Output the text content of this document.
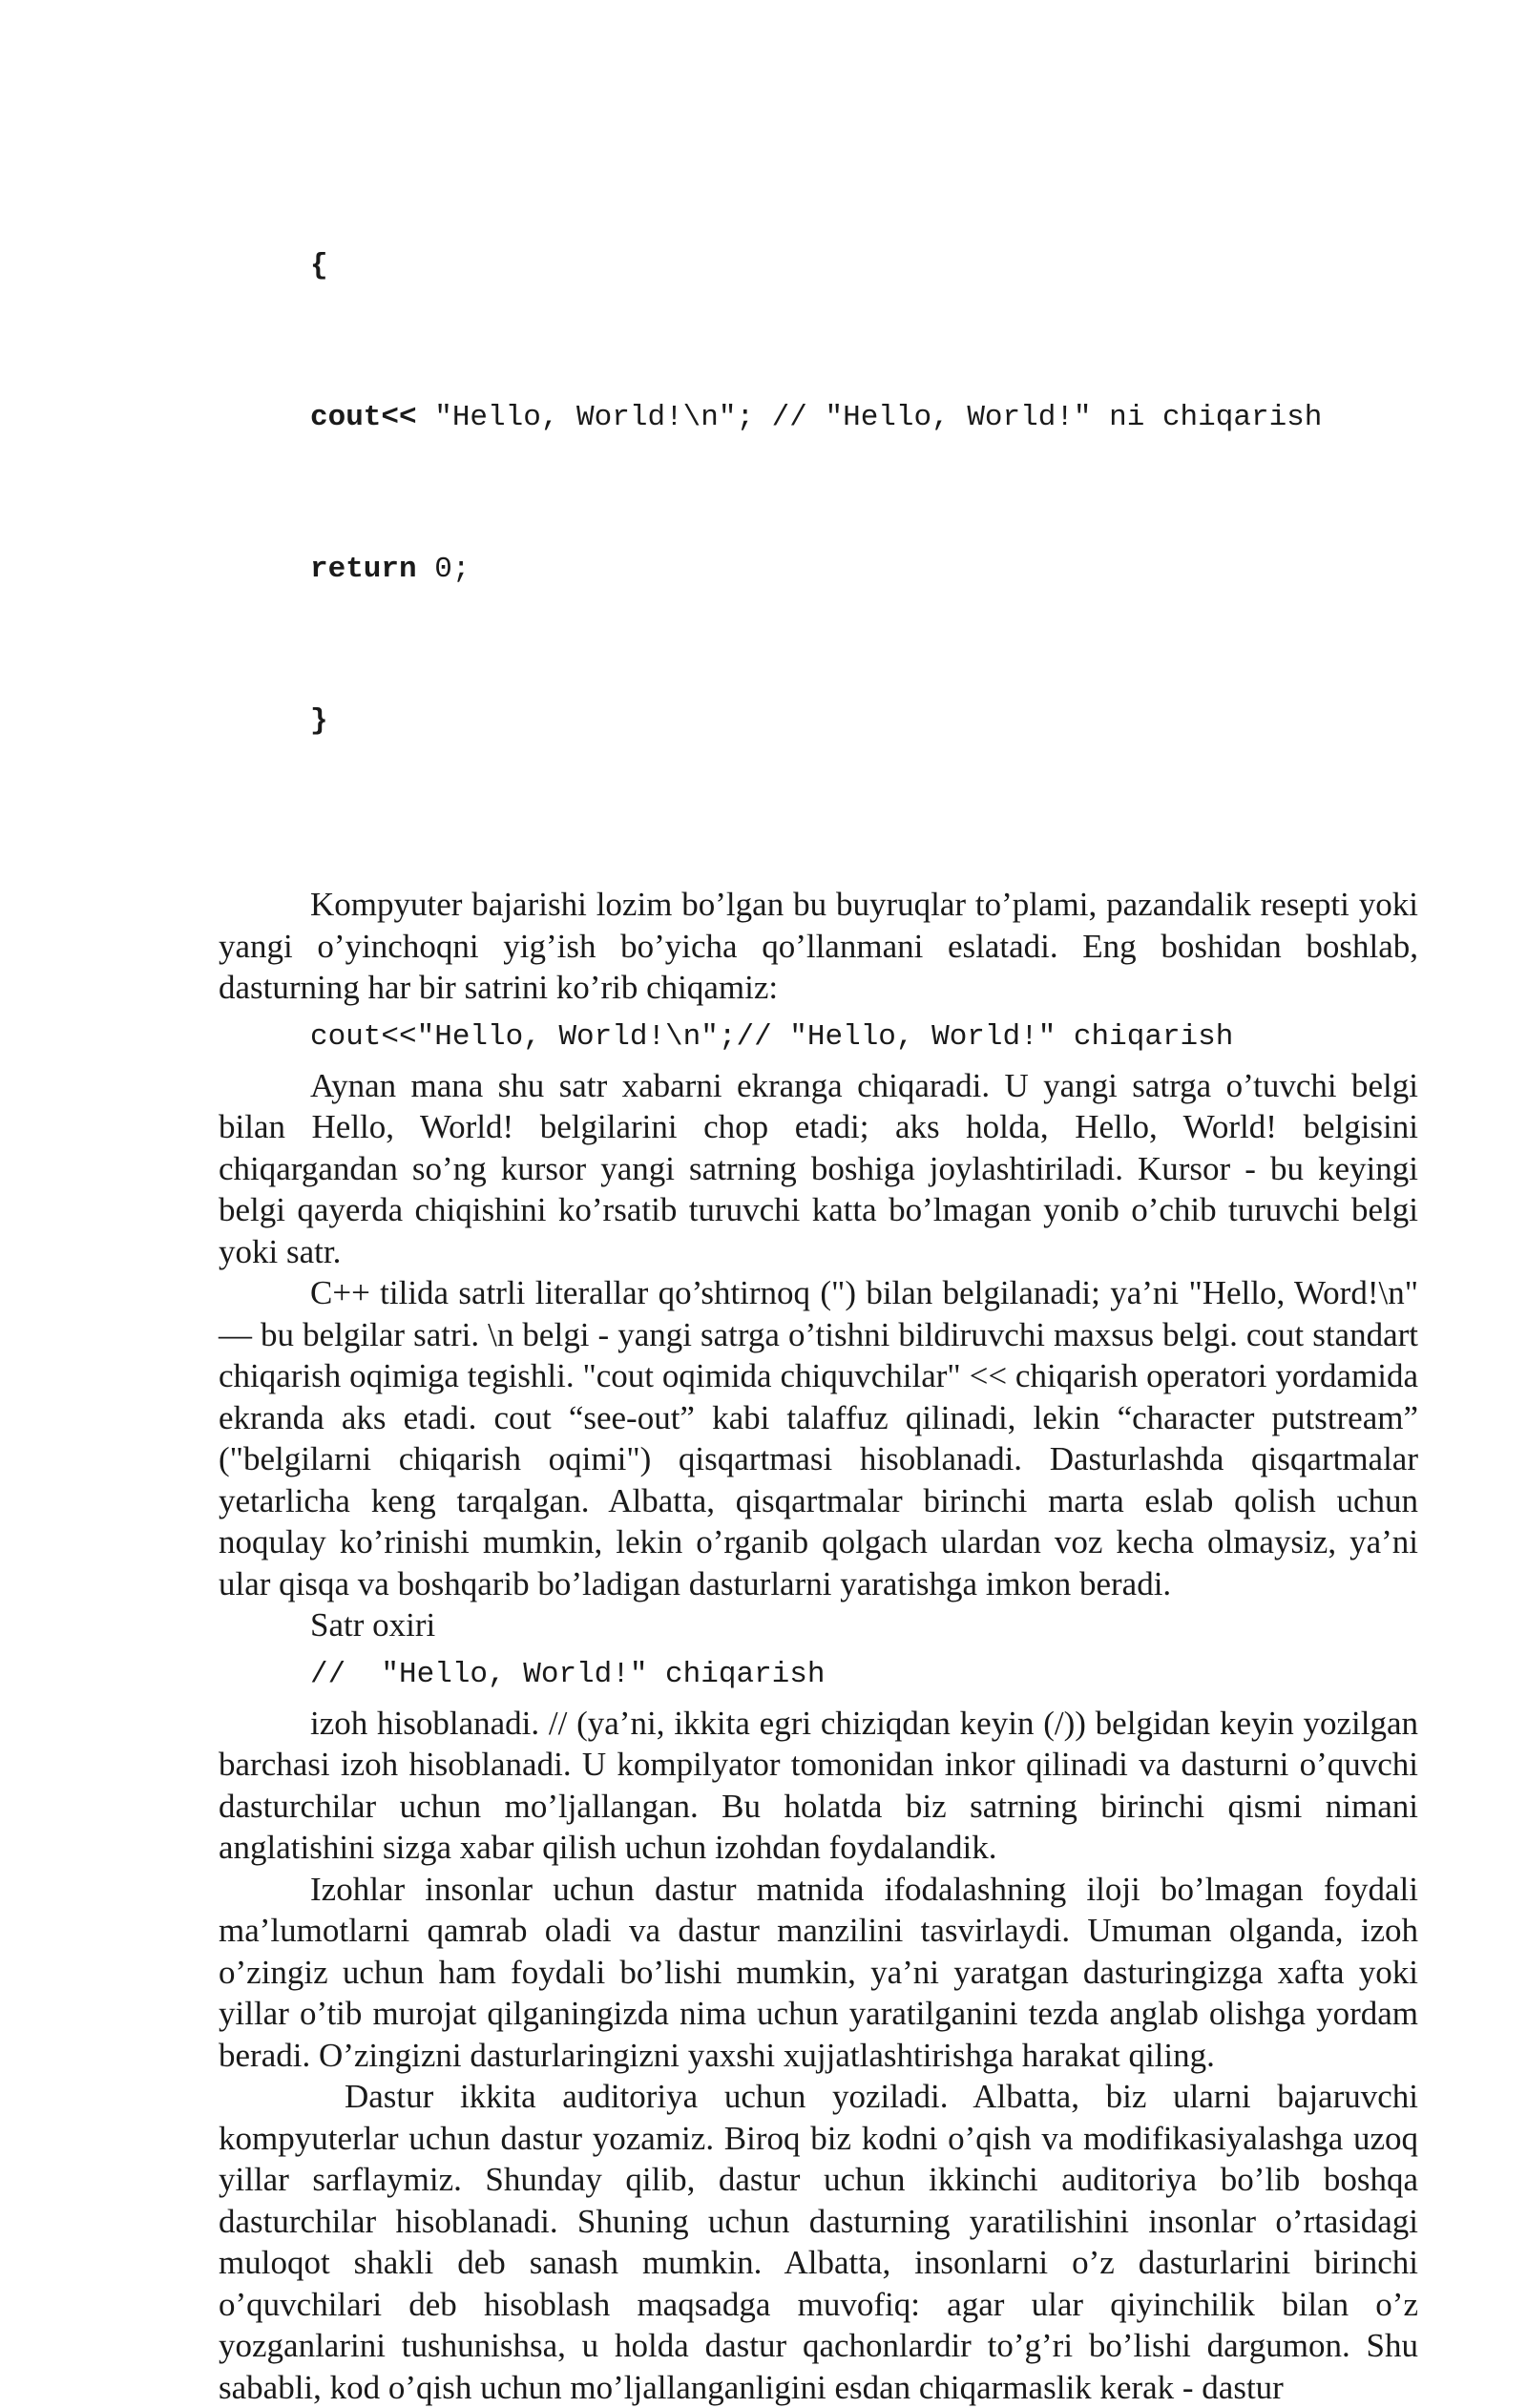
{

cout<< "Hello, World!\n"; // "Hello, World!" ni chiqarish

return 0;

}

Kompyuter bajarishi lozim bo’lgan bu buyruqlar to’plami, pazandalik resepti yoki yangi o’yinchoqni yig’ish bo’yicha qo’llanmani eslatadi. Eng boshidan boshlab, dasturning har bir satrini ko’rib chiqamiz:

cout<<"Hello, World!\n";// "Hello, World!" chiqarish

Aynan mana shu satr xabarni ekranga chiqaradi. U yangi satrga o’tuvchi belgi bilan Hello, World! belgilarini chop etadi; aks holda, Hello, World! belgisini chiqargandan so’ng kursor yangi satrning boshiga joylashtiriladi. Kursor - bu keyingi belgi qayerda chiqishini ko’rsatib turuvchi katta bo’lmagan yonib o’chib turuvchi belgi yoki satr.

C++ tilida satrli literallar qo’shtirnoq (") bilan belgilanadi; ya’ni "Hello, Word!\n" — bu belgilar satri. \n belgi - yangi satrga o’tishni bildiruvchi maxsus belgi. cout standart chiqarish oqimiga tegishli. "cout oqimida chiquvchilar" << chiqarish operatori yordamida ekranda aks etadi. cout “see-out” kabi talaffuz qilinadi, lekin “character putstream” ("belgilarni chiqarish oqimi") qisqartmasi hisoblanadi. Dasturlashda qisqartmalar yetarlicha keng tarqalgan. Albatta, qisqartmalar birinchi marta eslab qolish uchun noqulay ko’rinishi mumkin, lekin o’rganib qolgach ulardan voz kecha olmaysiz, ya’ni ular qisqa va boshqarib bo’ladigan dasturlarni yaratishga imkon beradi.

Satr oxiri

//  "Hello, World!" chiqarish

izoh hisoblanadi. // (ya’ni, ikkita egri chiziqdan keyin (/)) belgidan keyin yozilgan barchasi izoh hisoblanadi. U kompilyator tomonidan inkor qilinadi va dasturni o’quvchi dasturchilar uchun mo’ljallangan. Bu holatda biz satrning birinchi qismi nimani anglatishini sizga xabar qilish uchun izohdan foydalandik.

Izohlar insonlar uchun dastur matnida ifodalashning iloji bo’lmagan foydali ma’lumotlarni qamrab oladi va dastur manzilini tasvirlaydi. Umuman olganda, izoh o’zingiz uchun ham foydali bo’lishi mumkin, ya’ni yaratgan dasturingizga xafta yoki yillar o’tib murojat qilganingizda nima uchun yaratilganini tezda anglab olishga yordam beradi. O’zingizni dasturlaringizni yaxshi xujjatlashtirishga harakat qiling.

Dastur ikkita auditoriya uchun yoziladi. Albatta, biz ularni bajaruvchi kompyuterlar uchun dastur yozamiz. Biroq biz kodni o’qish va modifikasiyalashga uzoq yillar sarflaymiz. Shunday qilib, dastur uchun ikkinchi auditoriya bo’lib boshqa dasturchilar hisoblanadi. Shuning uchun dasturning yaratilishini insonlar o’rtasidagi muloqot shakli deb sanash mumkin. Albatta, insonlarni o’z dasturlarini birinchi o’quvchilari deb hisoblash maqsadga muvofiq: agar ular qiyinchilik bilan o’z yozganlarini tushunishsa, u holda dastur qachonlardir to’g’ri bo’lishi dargumon. Shu sababli, kod o’qish uchun mo’ljallanganligini esdan chiqarmaslik kerak - dastur
